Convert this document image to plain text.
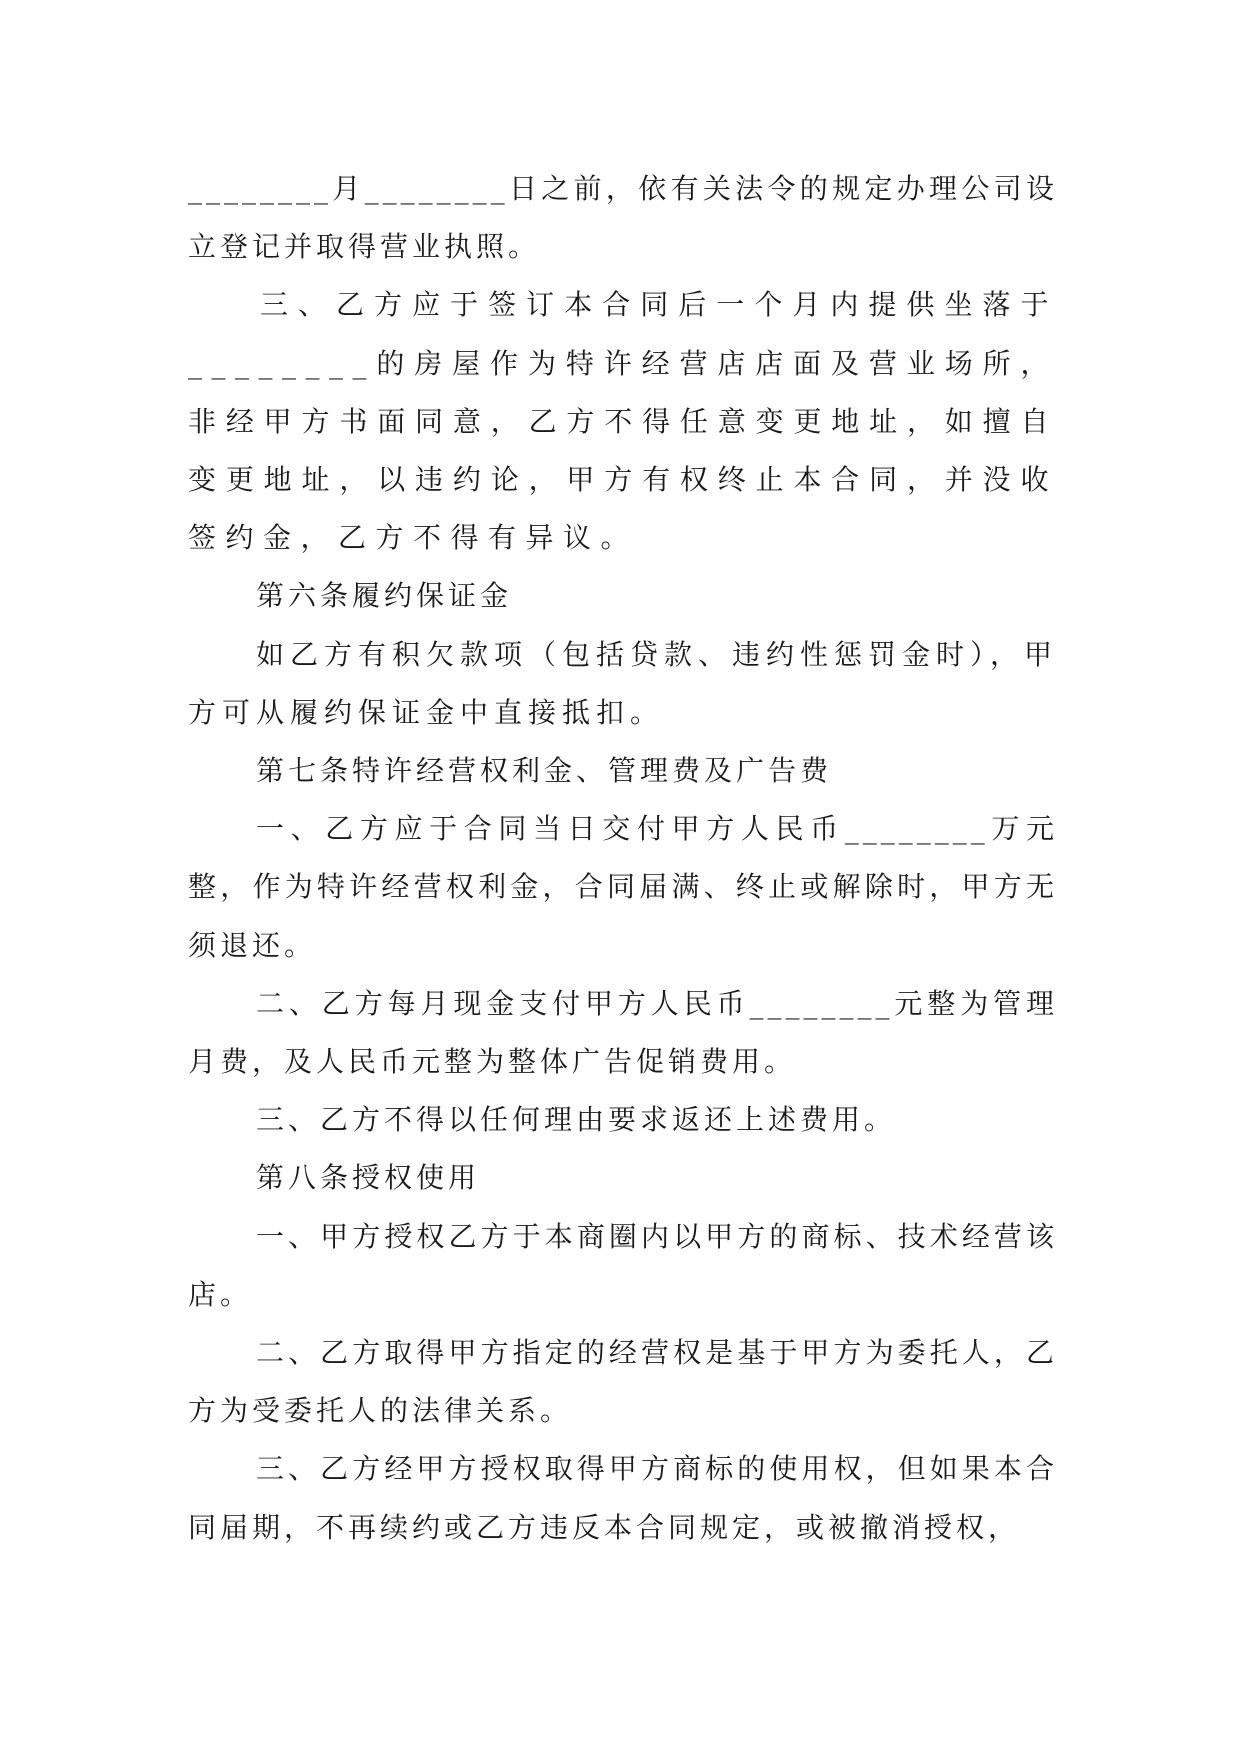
________月________日之前，依有关法令的规定办理公司设立登记并取得营业执照。

三、乙方应于签订本合同后一个月内提供坐落于________的房屋作为特许经营店店面及营业场所，非经甲方书面同意，乙方不得任意变更地址，如擅自变更地址，以违约论，甲方有权终止本合同，并没收签约金，乙方不得有异议。

第六条履约保证金

如乙方有积欠款项（包括贷款、违约性惩罚金时），甲方可从履约保证金中直接抵扣。

第七条特许经营权利金、管理费及广告费

一、乙方应于合同当日交付甲方人民币________万元整，作为特许经营权利金，合同届满、终止或解除时，甲方无须退还。

二、乙方每月现金支付甲方人民币________元整为管理月费，及人民币元整为整体广告促销费用。

三、乙方不得以任何理由要求返还上述费用。

第八条授权使用

一、甲方授权乙方于本商圈内以甲方的商标、技术经营该店。

二、乙方取得甲方指定的经营权是基于甲方为委托人，乙方为受委托人的法律关系。

三、乙方经甲方授权取得甲方商标的使用权，但如果本合同届期，不再续约或乙方违反本合同规定，或被撤消授权，
